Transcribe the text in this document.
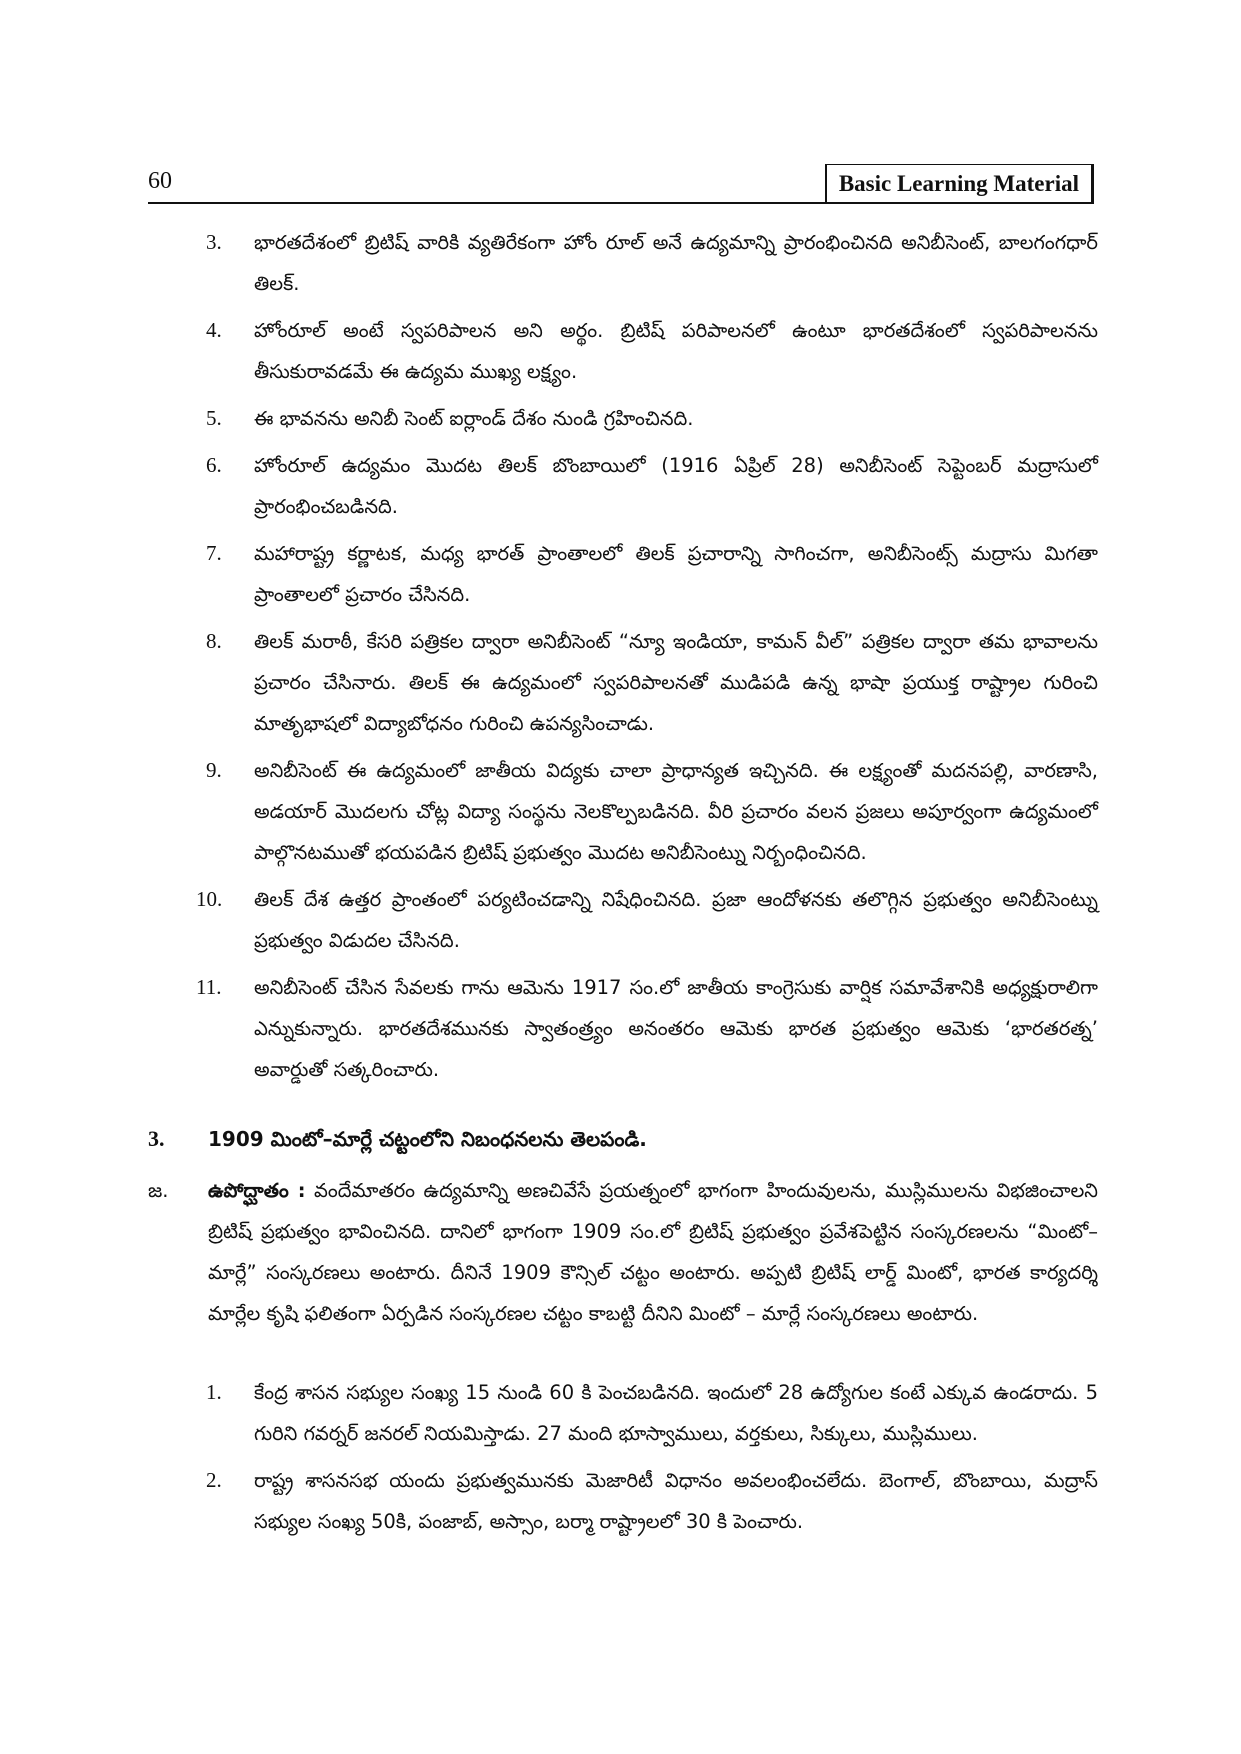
60	Basic Learning Material
3. భారతదేశంలో బ్రిటిష్ వారికి వ్యతిరేకంగా హోం రూల్ అనే ఉద్యమాన్ని ప్రారంభించినది అనిబీసెంట్, బాలగంగధార్ తిలక్.
4. హోంరూల్ అంటే స్వపరిపాలన అని అర్థం. బ్రిటిష్ పరిపాలనలో ఉంటూ భారతదేశంలో స్వపరిపాలనను తీసుకురావడమే ఈ ఉద్యమ ముఖ్య లక్ష్యం.
5. ఈ భావనను అనిబీ సెంట్ ఐర్లాండ్ దేశం నుండి గ్రహించినది.
6. హోంరూల్ ఉద్యమం మొదట తిలక్ బొంబాయిలో (1916 ఏప్రిల్ 28) అనిబీసెంట్ సెప్టెంబర్ మద్రాసులో ప్రారంభించబడినది.
7. మహారాష్ట్ర కర్ణాటక, మధ్య భారత్ ప్రాంతాలలో తిలక్ ప్రచారాన్ని సాగించగా, అనిబీసెంట్స్ మద్రాసు మిగతా ప్రాంతాలలో ప్రచారం చేసినది.
8. తిలక్ మరాఠీ, కేసరి పత్రికల ద్వారా అనిబీసెంట్ “న్యూ ఇండియా, కామన్ వీల్” పత్రికల ద్వారా తమ భావాలను ప్రచారం చేసినారు. తిలక్ ఈ ఉద్యమంలో స్వపరిపాలనతో ముడిపడి ఉన్న భాషా ప్రయుక్త రాష్ట్రాల గురించి మాతృభాషలో విద్యాబోధనం గురించి ఉపన్యసించాడు.
9. అనిబీసెంట్ ఈ ఉద్యమంలో జాతీయ విద్యకు చాలా ప్రాధాన్యత ఇచ్చినది. ఈ లక్ష్యంతో మదనపల్లి, వారణాసి, అడయార్ మొదలగు చోట్ల విద్యా సంస్థను నెలకొల్పబడినది. వీరి ప్రచారం వలన ప్రజలు అపూర్వంగా ఉద్యమంలో పాల్గొనటముతో భయపడిన బ్రిటిష్ ప్రభుత్వం మొదట అనిబీసెంట్ను నిర్బంధించినది.
10. తిలక్ దేశ ఉత్తర ప్రాంతంలో పర్యటించడాన్ని నిషేధించినది. ప్రజా ఆందోళనకు తలొగ్గిన ప్రభుత్వం అనిబీసెంట్ను ప్రభుత్వం విడుదల చేసినది.
11. అనిబీసెంట్ చేసిన సేవలకు గాను ఆమెను 1917 సం.లో జాతీయ కాంగ్రెసుకు వార్షిక సమావేశానికి అధ్యక్షురాలిగా ఎన్నుకున్నారు. భారతదేశమునకు స్వాతంత్ర్యం అనంతరం ఆమెకు భారత ప్రభుత్వం ఆమెకు ‘భారతరత్న’ అవార్డుతో సత్కరించారు.
3.	1909 మింటో–మార్లే చట్టంలోని నిబంధనలను తెలపండి.
జ.	ఉపోద్ఘాతం : వందేమాతరం ఉద్యమాన్ని అణచివేసే ప్రయత్నంలో భాగంగా హిందువులను, ముస్లిములను విభజించాలని బ్రిటిష్ ప్రభుత్వం భావించినది. దానిలో భాగంగా 1909 సం.లో బ్రిటిష్ ప్రభుత్వం ప్రవేశపెట్టిన సంస్కరణలను “మింటో–మార్లే” సంస్కరణలు అంటారు. దీనినే 1909 కౌన్సిల్ చట్టం అంటారు. అప్పటి బ్రిటిష్ లార్డ్ మింటో, భారత కార్యదర్శి మార్లేల కృషి ఫలితంగా ఏర్పడిన సంస్కరణల చట్టం కాబట్టి దీనిని మింటో – మార్లే సంస్కరణలు అంటారు.
1. కేంద్ర శాసన సభ్యుల సంఖ్య 15 నుండి 60 కి పెంచబడినది. ఇందులో 28 ఉద్యోగుల కంటే ఎక్కువ ఉండరాదు. 5 గురిని గవర్నర్ జనరల్ నియమిస్తాడు. 27 మంది భూస్వాములు, వర్తకులు, సిక్కులు, ముస్లిములు.
2. రాష్ట్ర శాసనసభ యందు ప్రభుత్వమునకు మెజారిటీ విధానం అవలంభించలేదు. బెంగాల్, బొంబాయి, మద్రాస్ సభ్యుల సంఖ్య 50కి, పంజాబ్, అస్సాం, బర్మా రాష్ట్రాలలో 30 కి పెంచారు.
